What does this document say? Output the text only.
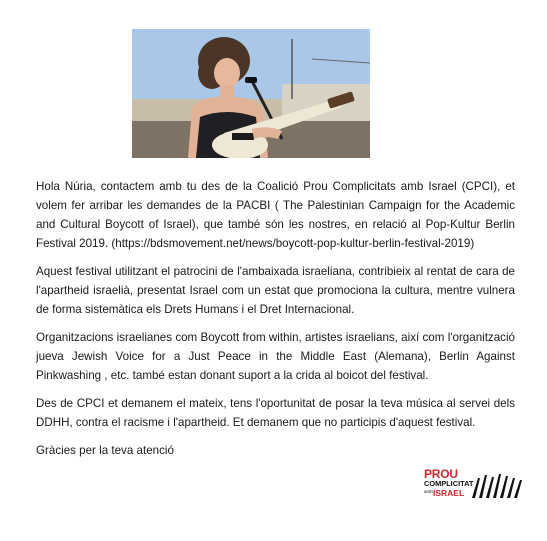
Hola Núria, contactem amb tu des de la Coalició Prou Complicitats amb Israel (CPCI), et volem fer arribar les demandes de la PACBI ( The Palestinian Campaign for the Academic and Cultural Boycott of Israel), que també són les nostres, en relació al Pop-Kultur Berlin Festival 2019. (https://bdsmovement.net/news/boycott-pop-kultur-berlin-festival-2019)

Aquest festival utilitzant el patrocini de l'ambaixada israeliana, contribieix al rentat de cara de l'apartheid israelià, presentat Israel com un estat que promociona la cultura, mentre vulnera de forma sistemàtica els Drets Humans i el Dret Internacional.

Organitzacions israelianes com Boycott from within, artistes israelians, així com l'organització jueva Jewish Voice for a Just Peace in the Middle East (Alemana), Berlin Against Pinkwashing , etc. també estan donant suport a la crida al boicot del festival.

Des de CPCI et demanem el mateix, tens l'oportunitat de posar la teva música al servei dels DDHH, contra el racisme i l'apartheid. Et demanem que no participis d'aquest festival.

Gràcies per la teva atenció

PROU
COMPLICITAT
amb ISRAEL
